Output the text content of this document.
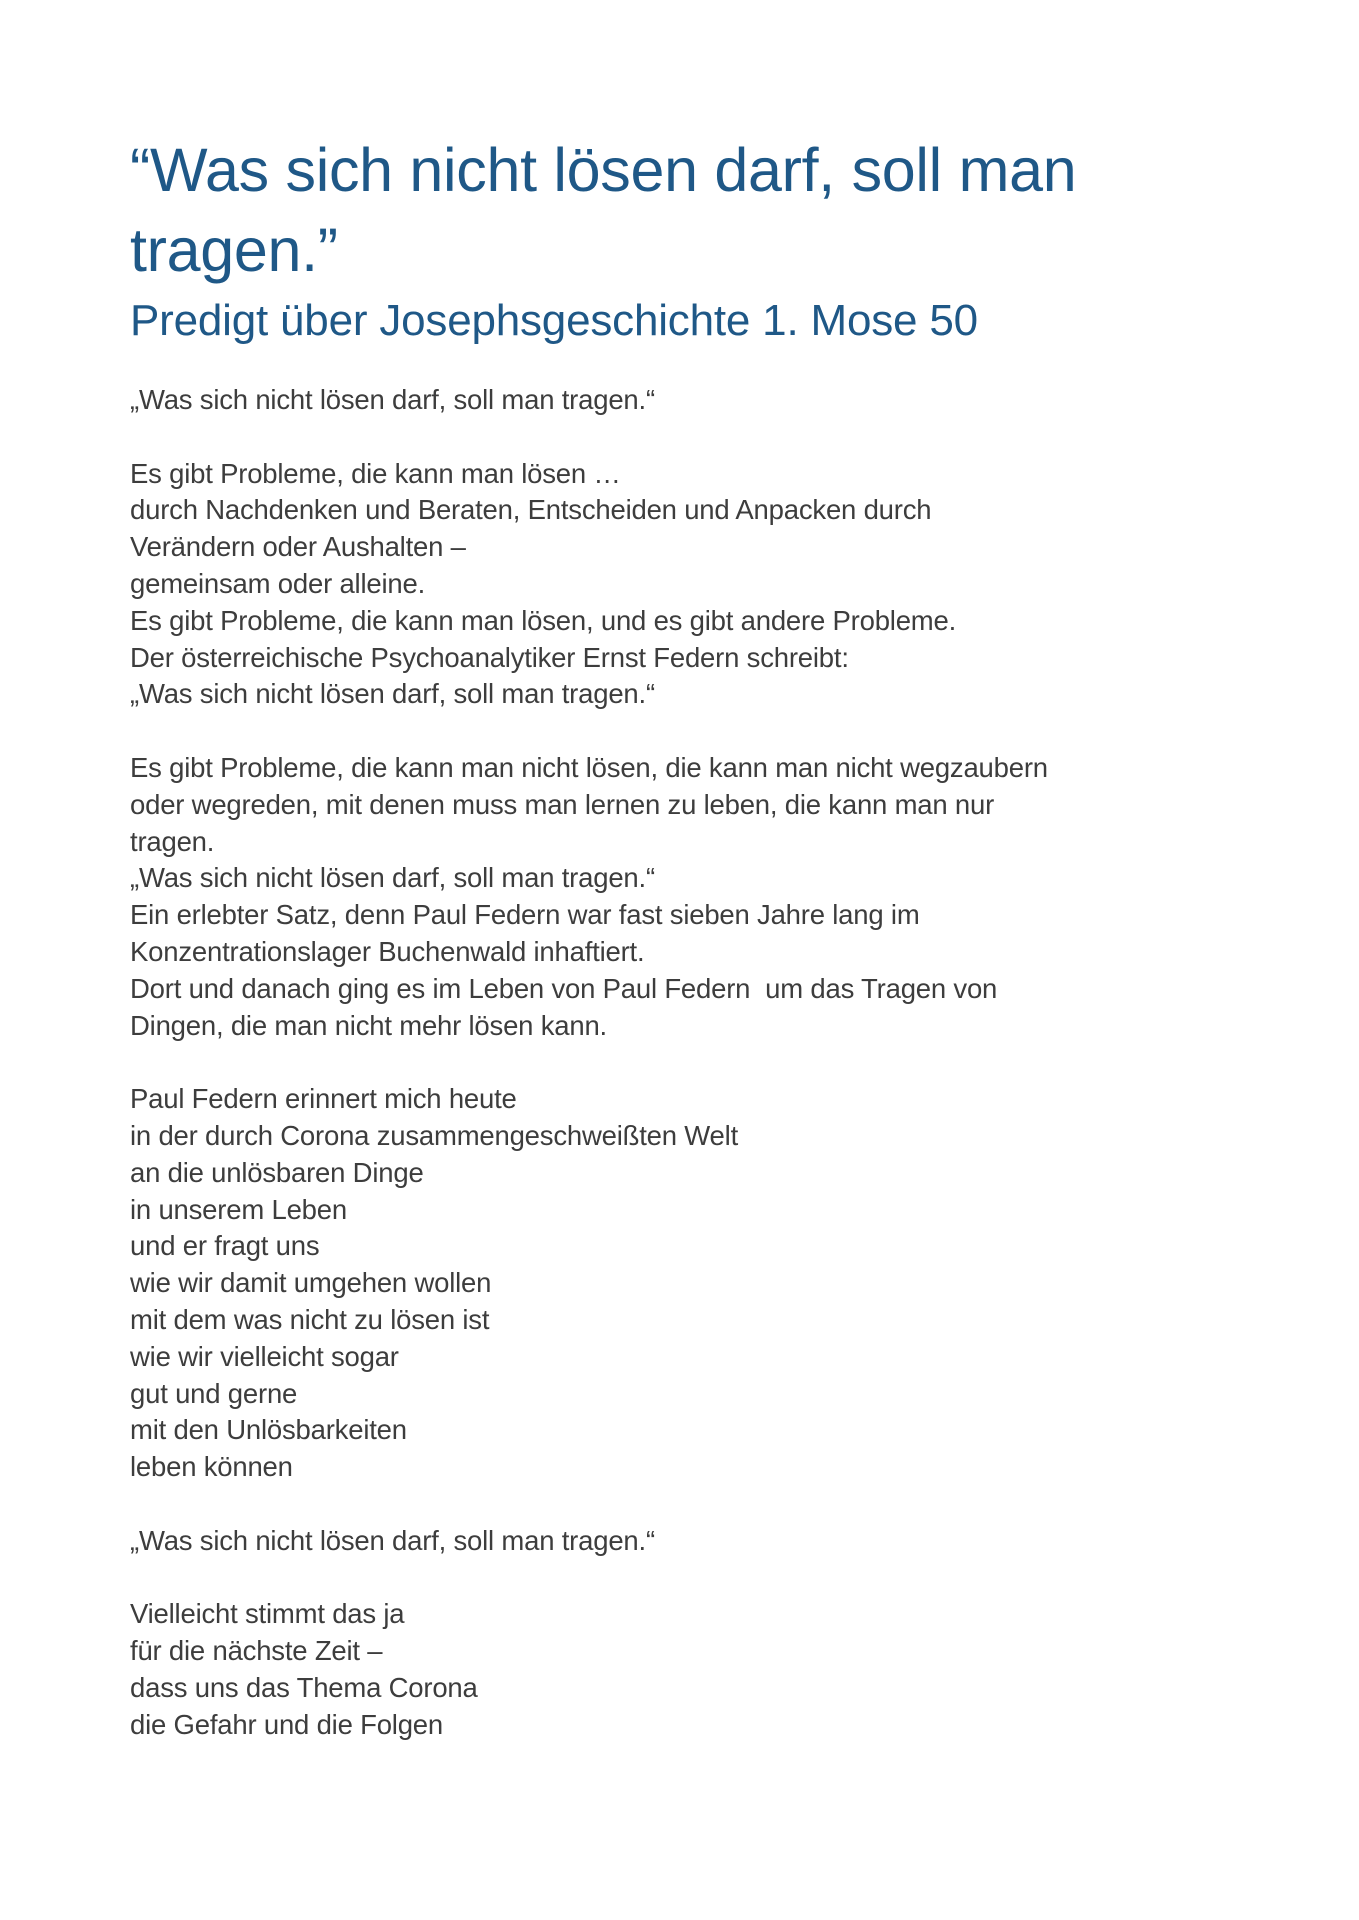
“Was sich nicht lösen darf, soll man
tragen.”
Predigt über Josephsgeschichte 1. Mose 50
„Was sich nicht lösen darf, soll man tragen.“
Es gibt Probleme, die kann man lösen …
durch Nachdenken und Beraten, Entscheiden und Anpacken durch
Verändern oder Aushalten –
gemeinsam oder alleine.
Es gibt Probleme, die kann man lösen, und es gibt andere Probleme.
Der österreichische Psychoanalytiker Ernst Federn schreibt:
„Was sich nicht lösen darf, soll man tragen.“
Es gibt Probleme, die kann man nicht lösen, die kann man nicht wegzaubern
oder wegreden, mit denen muss man lernen zu leben, die kann man nur
tragen.
„Was sich nicht lösen darf, soll man tragen.“
Ein erlebter Satz, denn Paul Federn war fast sieben Jahre lang im
Konzentrationslager Buchenwald inhaftiert.
Dort und danach ging es im Leben von Paul Federn  um das Tragen von
Dingen, die man nicht mehr lösen kann.
Paul Federn erinnert mich heute
in der durch Corona zusammengeschweißten Welt
an die unlösbaren Dinge
in unserem Leben
und er fragt uns
wie wir damit umgehen wollen
mit dem was nicht zu lösen ist
wie wir vielleicht sogar
gut und gerne
mit den Unlösbarkeiten
leben können
„Was sich nicht lösen darf, soll man tragen.“
Vielleicht stimmt das ja
für die nächste Zeit –
dass uns das Thema Corona
die Gefahr und die Folgen
